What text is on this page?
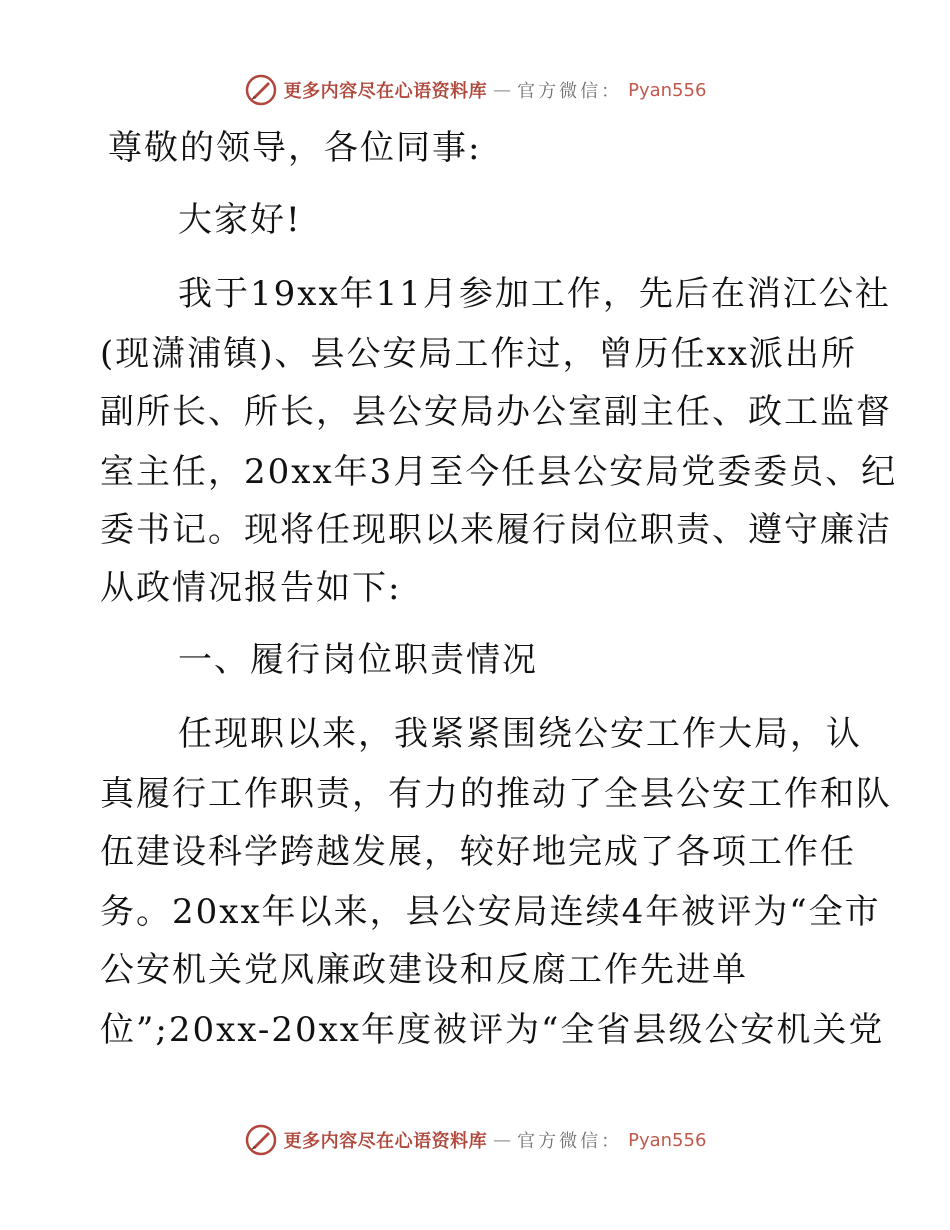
更多内容尽在心语资料库 — 官方微信： Pyan556
尊敬的领导，各位同事:
大家好!
我于19xx年11月参加工作，先后在消江公社
(现潇浦镇)、县公安局工作过，曾历任xx派出所
副所长、所长，县公安局办公室副主任、政工监督
室主任，20xx年3月至今任县公安局党委委员、纪
委书记。现将任现职以来履行岗位职责、遵守廉洁
从政情况报告如下:
一、履行岗位职责情况
任现职以来，我紧紧围绕公安工作大局，认
真履行工作职责，有力的推动了全县公安工作和队
伍建设科学跨越发展，较好地完成了各项工作任
务。20xx年以来，县公安局连续4年被评为“全市
公安机关党风廉政建设和反腐工作先进单
位”;20xx-20xx年度被评为“全省县级公安机关党
更多内容尽在心语资料库 — 官方微信： Pyan556
